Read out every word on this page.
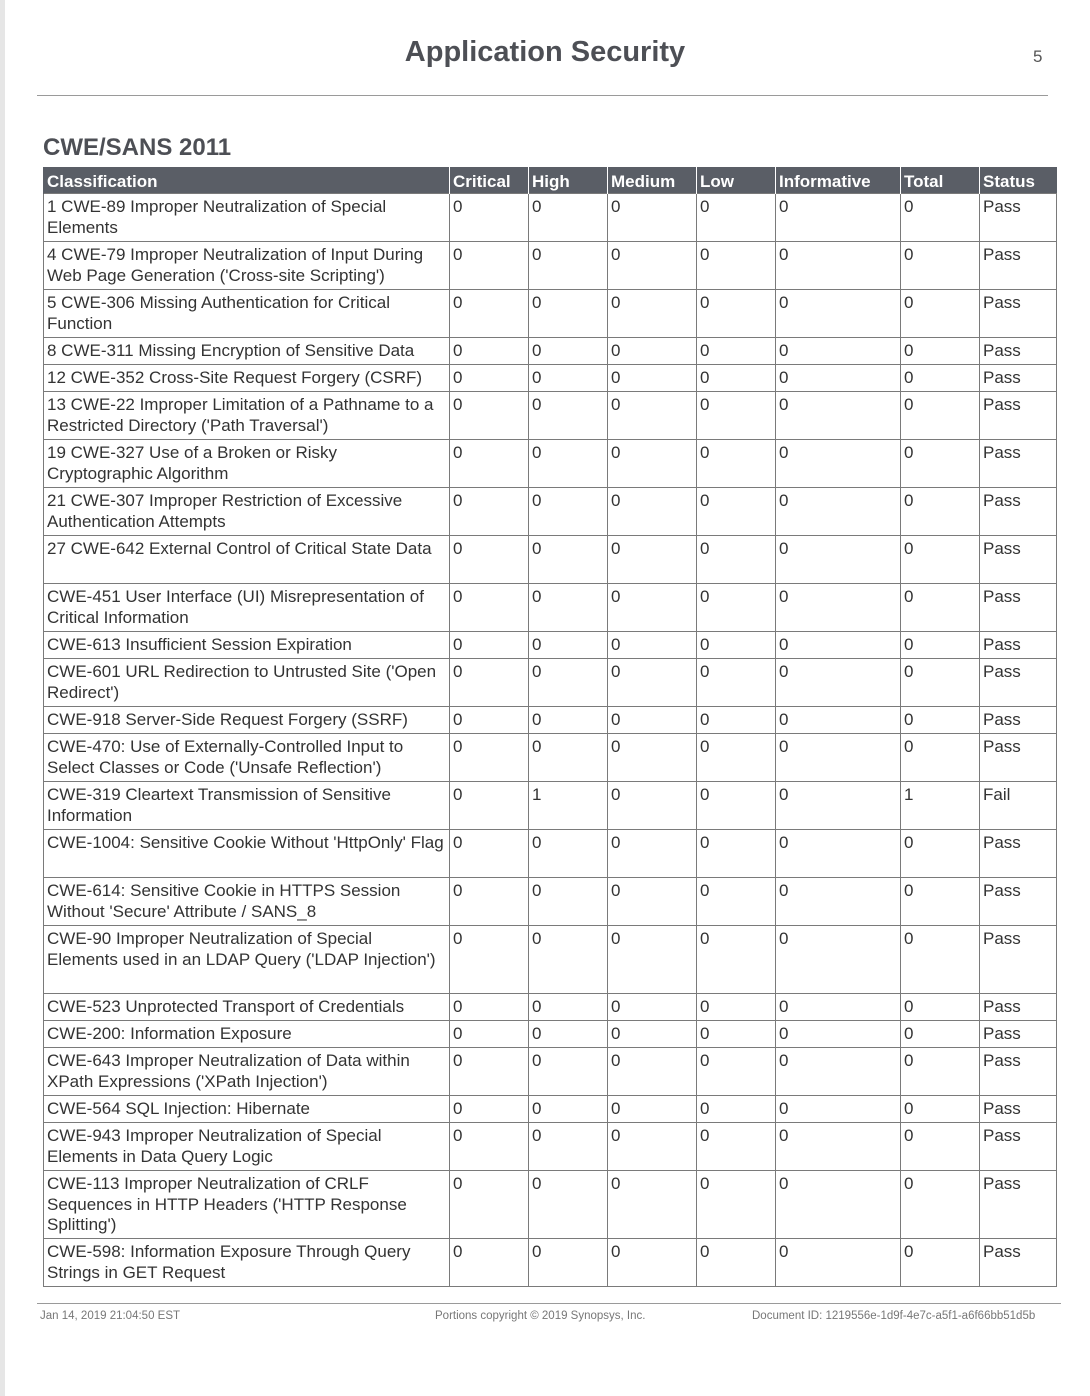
Application Security	5
CWE/SANS 2011
Classification	Critical	High	Medium	Low	Informative	Total	Status
1 CWE-89 Improper Neutralization of Special Elements	0	0	0	0	0	0	Pass
4 CWE-79 Improper Neutralization of Input During Web Page Generation ('Cross-site Scripting')	0	0	0	0	0	0	Pass
5 CWE-306 Missing Authentication for Critical Function	0	0	0	0	0	0	Pass
8 CWE-311 Missing Encryption of Sensitive Data	0	0	0	0	0	0	Pass
12 CWE-352 Cross-Site Request Forgery (CSRF)	0	0	0	0	0	0	Pass
13 CWE-22 Improper Limitation of a Pathname to a Restricted Directory ('Path Traversal')	0	0	0	0	0	0	Pass
19 CWE-327 Use of a Broken or Risky Cryptographic Algorithm	0	0	0	0	0	0	Pass
21 CWE-307 Improper Restriction of Excessive Authentication Attempts	0	0	0	0	0	0	Pass
27 CWE-642 External Control of Critical State Data	0	0	0	0	0	0	Pass
CWE-451 User Interface (UI) Misrepresentation of Critical Information	0	0	0	0	0	0	Pass
CWE-613 Insufficient Session Expiration	0	0	0	0	0	0	Pass
CWE-601 URL Redirection to Untrusted Site ('Open Redirect')	0	0	0	0	0	0	Pass
CWE-918 Server-Side Request Forgery (SSRF)	0	0	0	0	0	0	Pass
CWE-470: Use of Externally-Controlled Input to Select Classes or Code ('Unsafe Reflection')	0	0	0	0	0	0	Pass
CWE-319 Cleartext Transmission of Sensitive Information	0	1	0	0	0	1	Fail
CWE-1004: Sensitive Cookie Without 'HttpOnly' Flag	0	0	0	0	0	0	Pass
CWE-614: Sensitive Cookie in HTTPS Session Without 'Secure' Attribute / SANS_8	0	0	0	0	0	0	Pass
CWE-90 Improper Neutralization of Special Elements used in an LDAP Query ('LDAP Injection')	0	0	0	0	0	0	Pass
CWE-523 Unprotected Transport of Credentials	0	0	0	0	0	0	Pass
CWE-200: Information Exposure	0	0	0	0	0	0	Pass
CWE-643 Improper Neutralization of Data within XPath Expressions ('XPath Injection')	0	0	0	0	0	0	Pass
CWE-564 SQL Injection: Hibernate	0	0	0	0	0	0	Pass
CWE-943 Improper Neutralization of Special Elements in Data Query Logic	0	0	0	0	0	0	Pass
CWE-113 Improper Neutralization of CRLF Sequences in HTTP Headers ('HTTP Response Splitting')	0	0	0	0	0	0	Pass
CWE-598: Information Exposure Through Query Strings in GET Request	0	0	0	0	0	0	Pass
Jan 14, 2019 21:04:50 EST	Portions copyright © 2019 Synopsys, Inc.	Document ID: 1219556e-1d9f-4e7c-a5f1-a6f66bb51d5b
